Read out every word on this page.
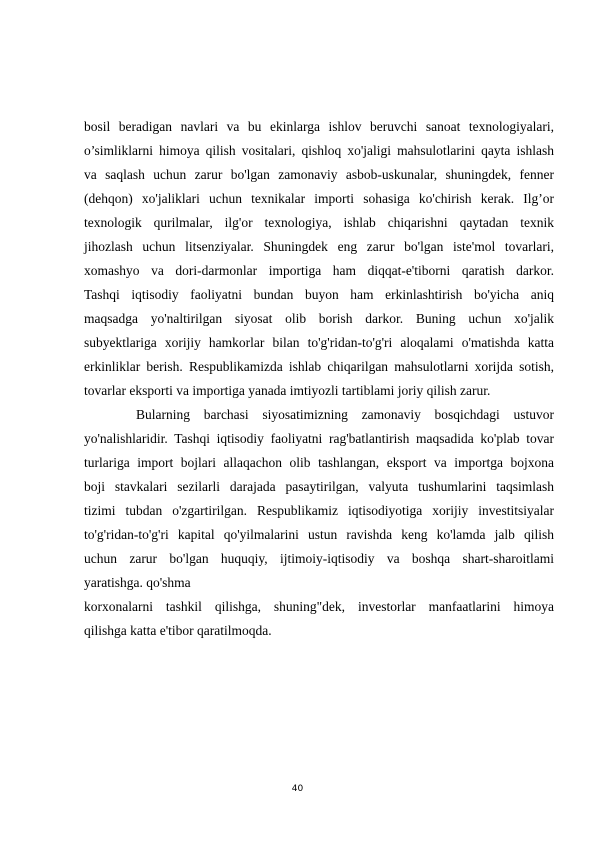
bosil beradigan navlari va bu ekinlarga ishlov beruvchi sanoat texnologiyalari,
o’simliklarni himoya qilish vositalari, qishloq xo'jaligi mahsulotlarini qayta ishlash
va saqlash uchun zarur bo'lgan zamonaviy asbob-uskunalar, shuningdek, fenner
(dehqon) xo'jaliklari uchun texnikalar importi sohasiga ko'chirish kerak. Ilg’or
texnologik qurilmalar, ilg'or texnologiya, ishlab chiqarishni qaytadan texnik
jihozlash uchun litsenziyalar. Shuningdek eng zarur bo'lgan iste'mol tovarlari,
xomashyo va dori-darmonlar importiga ham diqqat-e'tiborni qaratish darkor.
Tashqi iqtisodiy faoliyatni bundan buyon ham erkinlashtirish bo'yicha aniq
maqsadga yo'naltirilgan siyosat olib borish darkor. Buning uchun xo'jalik
subyektlariga xorijiy hamkorlar bilan to'g'ridan-to'g'ri aloqalami o'matishda katta
erkinliklar berish. Respublikamizda ishlab chiqarilgan mahsulotlarni xorijda sotish,
tovarlar eksporti va importiga yanada imtiyozli tartiblami joriy qilish zarur.
Bularning barchasi siyosatimizning zamonaviy bosqichdagi ustuvor
yo'nalishlaridir. Tashqi iqtisodiy faoliyatni rag'batlantirish maqsadida ko'plab tovar
turlariga import bojlari allaqachon olib tashlangan, eksport va importga bojxona
boji stavkalari sezilarli darajada pasaytirilgan, valyuta tushumlarini taqsimlash
tizimi tubdan o'zgartirilgan. Respublikamiz iqtisodiyotiga xorijiy investitsiyalar
to'g'ridan-to'g'ri kapital qo'yilmalarini ustun ravishda keng ko'lamda jalb qilish
uchun zarur bo'lgan huquqiy, ijtimoiy-iqtisodiy va boshqa shart-sharoitlami
yaratishga. qo'shma
korxonalarni tashkil qilishga, shuning"dek, investorlar manfaatlarini himoya
qilishga katta e'tibor qaratilmoqda.
40
